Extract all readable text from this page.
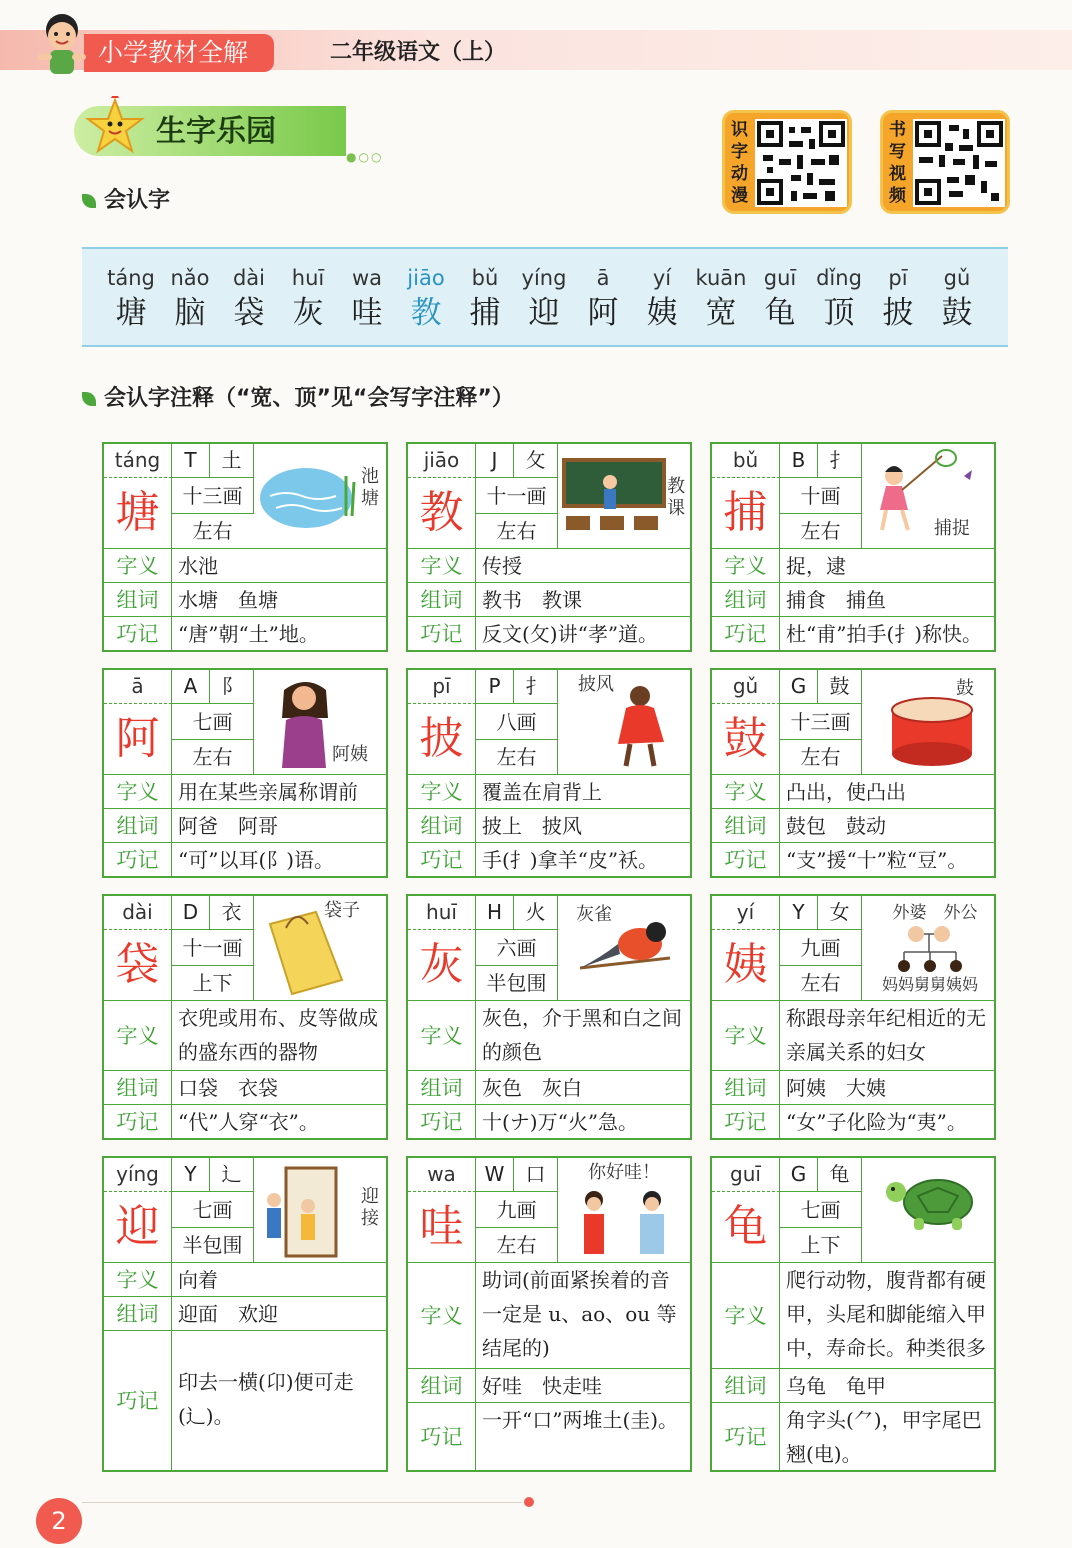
小学教材全解	二年级语文（上）
生字乐园
●○○
识字动漫
书写视频
会认字
táng
塘
nǎo
脑
dài
袋
huī
灰
wa
哇
jiāo
教
bǔ
捕
yíng
迎
ā
阿
yí
姨
kuān
宽
guī
龟
dǐng
顶
pī
披
gǔ
鼓
会认字注释（“宽、顶”见“会写字注释”）
táng
塘
T	土
十三画
左右
池塘
字义 水池
组词 水塘　鱼塘
巧记 “唐”朝“土”地。
jiāo
教
J	攵
十一画
左右
教课
字义 传授
组词 教书　教课
巧记 反文(攵)讲“孝”道。
bǔ
捕
B	扌
十画
左右	捕捉
字义 捉，逮
组词 捕食　捕鱼
巧记 杜“甫”拍手(扌)称快。
ā
阿
A	阝
七画
左右	阿姨
字义 用在某些亲属称谓前
组词 阿爸　阿哥
巧记 “可”以耳(阝)语。
pī
披
P	扌
八画
左右
披风
字义 覆盖在肩背上
组词 披上　披风
巧记 手(扌)拿羊“皮”袄。
gǔ
鼓
G	鼓
十三画
左右
鼓
字义 凸出，使凸出
组词 鼓包　鼓动
巧记 “支”援“十”粒“豆”。
dài
袋
D	衣
十一画
上下
袋子
字义
衣兜或用布、皮等做成的盛东西的器物
组词 口袋　衣袋
巧记 “代”人穿“衣”。
huī
灰
H	火
六画
半包围
灰雀
字义
灰色，介于黑和白之间的颜色
组词 灰色　灰白
巧记 十(ナ)万“火”急。
yí
姨
Y	女
九画
左右
外婆　外公
妈妈舅舅姨妈
字义
称跟母亲年纪相近的无亲属关系的妇女
组词 阿姨　大姨
巧记 “女”子化险为“夷”。
yíng
迎
Y	辶
七画
半包围
迎接
字义 向着
组词 迎面　欢迎
巧记
印去一横(卬)便可走(辶)。
wa
哇
W	口
九画
左右
你好哇！
字义
助词(前面紧挨着的音一定是 u、ao、ou 等结尾的)
组词 好哇　快走哇
巧记
一开“口”两堆土(圭)。
guī
龟
G	龟
七画
上下
字义
爬行动物，腹背都有硬甲，头尾和脚能缩入甲中，寿命长。种类很多
组词 乌龟　龟甲
巧记
角字头(⺈)，甲字尾巴翘(电)。
2
